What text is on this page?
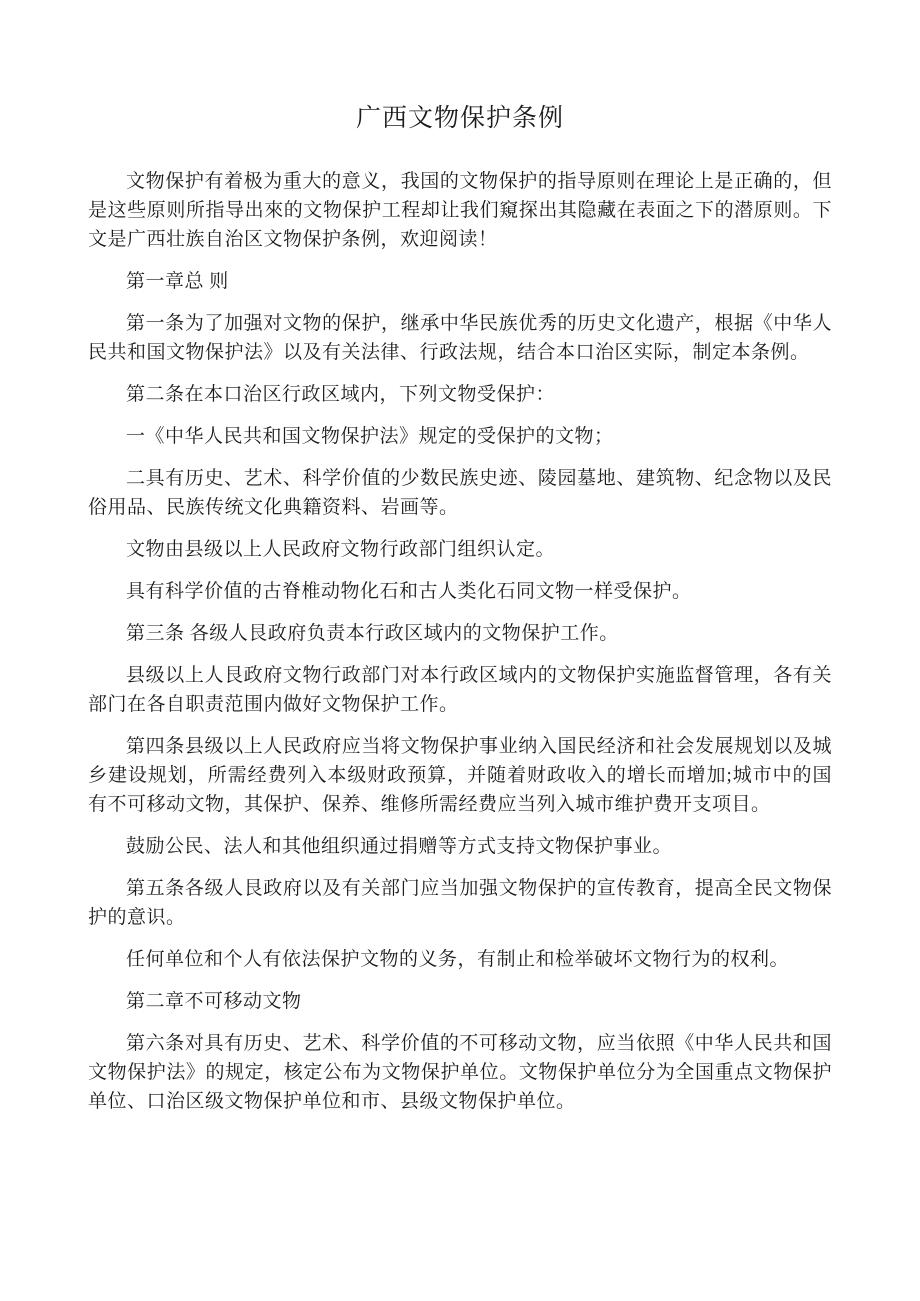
广西文物保护条例

文物保护有着极为重大的意义，我国的文物保护的指导原则在理论上是正确的，但是这些原则所指导出來的文物保护工程却让我们窺探出其隐藏在表面之下的潜原则。下文是广西壮族自治区文物保护条例，欢迎阅读！

第一章总 则

第一条为了加强对文物的保护，继承中华民族优秀的历史文化遗产，根据《中华人民共和国文物保护法》以及有关法律、行政法规，结合本口治区实际，制定本条例。

第二条在本口治区行政区域内，下列文物受保护：

一《中华人民共和国文物保护法》规定的受保护的文物；

二具有历史、艺术、科学价值的少数民族史迹、陵园墓地、建筑物、纪念物以及民俗用品、民族传统文化典籍资料、岩画等。

文物由县级以上人民政府文物行政部门组织认定。

具有科学价值的古脊椎动物化石和古人类化石同文物一样受保护。

第三条 各级人艮政府负责本行政区域内的文物保护工作。

县级以上人艮政府文物行政部门对本行政区域内的文物保护实施监督管理，各有关部门在各自职责范围内做好文物保护工作。

第四条县级以上人民政府应当将文物保护事业纳入国民经济和社会发展规划以及城乡建设规划，所需经费列入本级财政预算，并随着财政收入的增长而增加;城市中的国有不可移动文物，其保护、保养、维修所需经费应当列入城市维护费开支项目。

鼓励公民、法人和其他组织通过捐赠等方式支持文物保护事业。

第五条各级人艮政府以及有关部门应当加强文物保护的宣传教育，提高全民文物保护的意识。

任何单位和个人有依法保护文物的义务，有制止和检举破坏文物行为的权利。

第二章不可移动文物

第六条对具有历史、艺术、科学价值的不可移动文物，应当依照《中华人民共和国文物保护法》的规定，核定公布为文物保护单位。文物保护单位分为全国重点文物保护单位、口治区级文物保护单位和市、县级文物保护单位。
